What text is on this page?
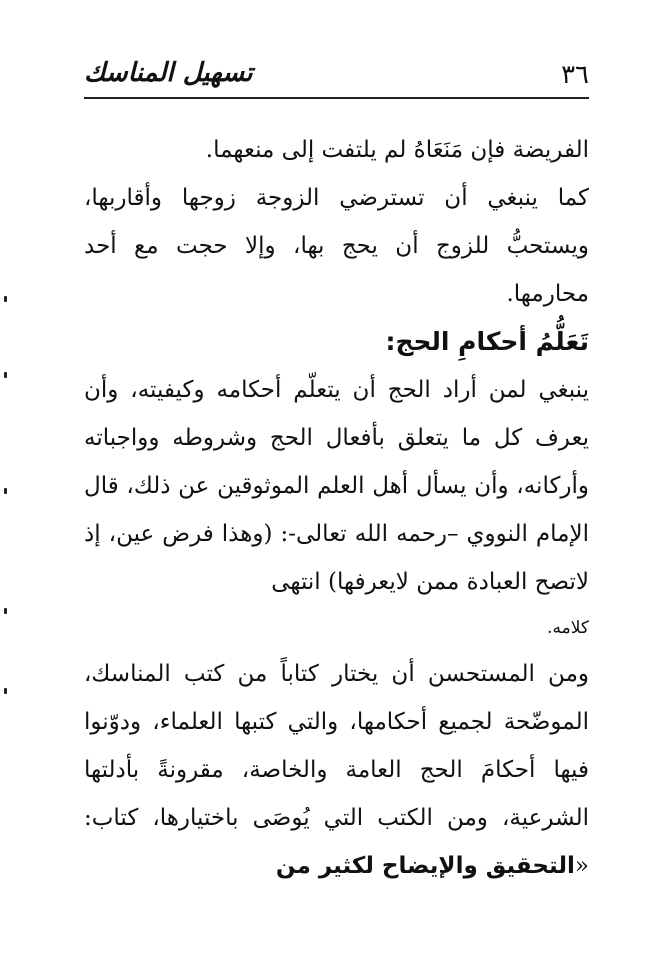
٣٦
تسهيل المناسك

الفريضة فإن مَنَعَاهُ لم يلتفت إلى منعهما.

كما ينبغي أن تسترضي الزوجة زوجها وأقاربها، ويستحبُّ للزوج أن يحج بها، وإلا حجت مع أحد محارمها.

تَعَلُّمُ أحكامِ الحج:

ينبغي لمن أراد الحج أن يتعلّم أحكامه وكيفيته، وأن يعرف كل ما يتعلق بأفعال الحج وشروطه وواجباته وأركانه، وأن يسأل أهل العلم الموثوقين عن ذلك، قال الإمام النووي –رحمه الله تعالى-: (وهذا فرض عين، إذ لاتصح العبادة ممن لايعرفها) انتهى

كلامه.

ومن المستحسن أن يختار كتاباً من كتب المناسك، الموضّحة لجميع أحكامها، والتي كتبها العلماء، ودوّنوا فيها أحكامَ الحج العامة والخاصة، مقرونةً بأدلتها الشرعية، ومن الكتب التي يُوصَى باختيارها، كتاب: «التحقيق والإيضاح لكثير من
